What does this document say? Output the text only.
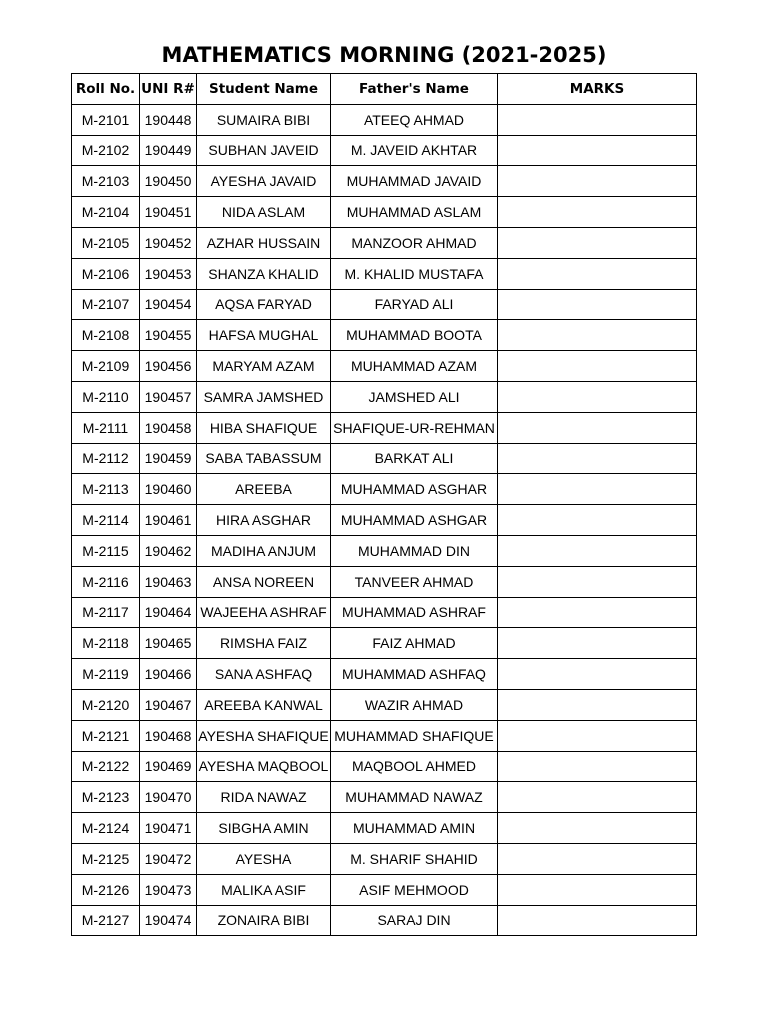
MATHEMATICS MORNING (2021-2025)
Roll No.	UNI R#	Student Name	Father's Name	MARKS
M-2101	190448	SUMAIRA BIBI	ATEEQ AHMAD	
M-2102	190449	SUBHAN JAVEID	M. JAVEID AKHTAR	
M-2103	190450	AYESHA JAVAID	MUHAMMAD JAVAID	
M-2104	190451	NIDA ASLAM	MUHAMMAD ASLAM	
M-2105	190452	AZHAR HUSSAIN	MANZOOR AHMAD	
M-2106	190453	SHANZA KHALID	M. KHALID MUSTAFA	
M-2107	190454	AQSA FARYAD	FARYAD ALI	
M-2108	190455	HAFSA MUGHAL	MUHAMMAD BOOTA	
M-2109	190456	MARYAM AZAM	MUHAMMAD AZAM	
M-2110	190457	SAMRA JAMSHED	JAMSHED ALI	
M-2111	190458	HIBA SHAFIQUE	SHAFIQUE-UR-REHMAN	
M-2112	190459	SABA TABASSUM	BARKAT ALI	
M-2113	190460	AREEBA	MUHAMMAD ASGHAR	
M-2114	190461	HIRA ASGHAR	MUHAMMAD ASHGAR	
M-2115	190462	MADIHA ANJUM	MUHAMMAD DIN	
M-2116	190463	ANSA NOREEN	TANVEER AHMAD	
M-2117	190464	WAJEEHA ASHRAF	MUHAMMAD ASHRAF	
M-2118	190465	RIMSHA FAIZ	FAIZ AHMAD	
M-2119	190466	SANA ASHFAQ	MUHAMMAD ASHFAQ	
M-2120	190467	AREEBA KANWAL	WAZIR AHMAD	
M-2121	190468	AYESHA SHAFIQUE	MUHAMMAD SHAFIQUE	
M-2122	190469	AYESHA MAQBOOL	MAQBOOL AHMED	
M-2123	190470	RIDA NAWAZ	MUHAMMAD NAWAZ	
M-2124	190471	SIBGHA AMIN	MUHAMMAD AMIN	
M-2125	190472	AYESHA	M. SHARIF SHAHID	
M-2126	190473	MALIKA ASIF	ASIF MEHMOOD	
M-2127	190474	ZONAIRA BIBI	SARAJ DIN	
